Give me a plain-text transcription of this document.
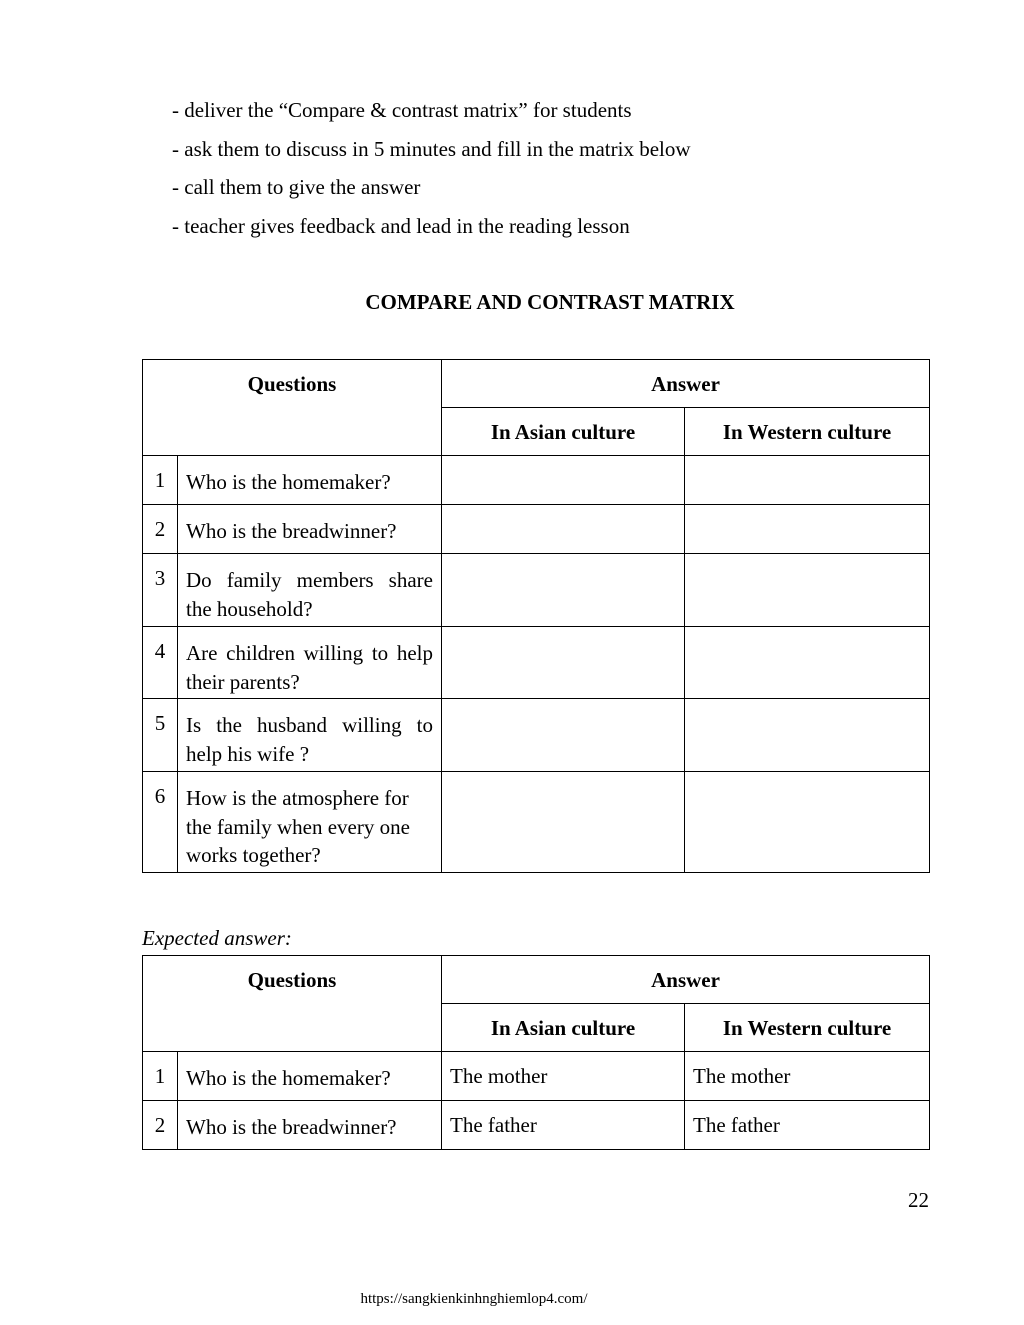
- deliver the “Compare & contrast matrix” for students
- ask them to discuss in 5 minutes and fill in the matrix below
- call them to give the answer
- teacher gives feedback and lead in the reading lesson
COMPARE AND CONTRAST MATRIX
Questions		Answer	
		In Asian culture	In Western culture
1	Who is the homemaker?		
2	Who is the breadwinner?		
3	Do family members share the household?		
4	Are children willing to help their parents?		
5	Is the husband willing to help his wife ?		
6	How is the atmosphere for the family when every one works together?		
Expected answer:
Questions		Answer	
		In Asian culture	In Western culture
1	Who is the homemaker?	The mother	The mother
2	Who is the breadwinner?	The father	The father
22
https://sangkienkinhnghiemlop4.com/
